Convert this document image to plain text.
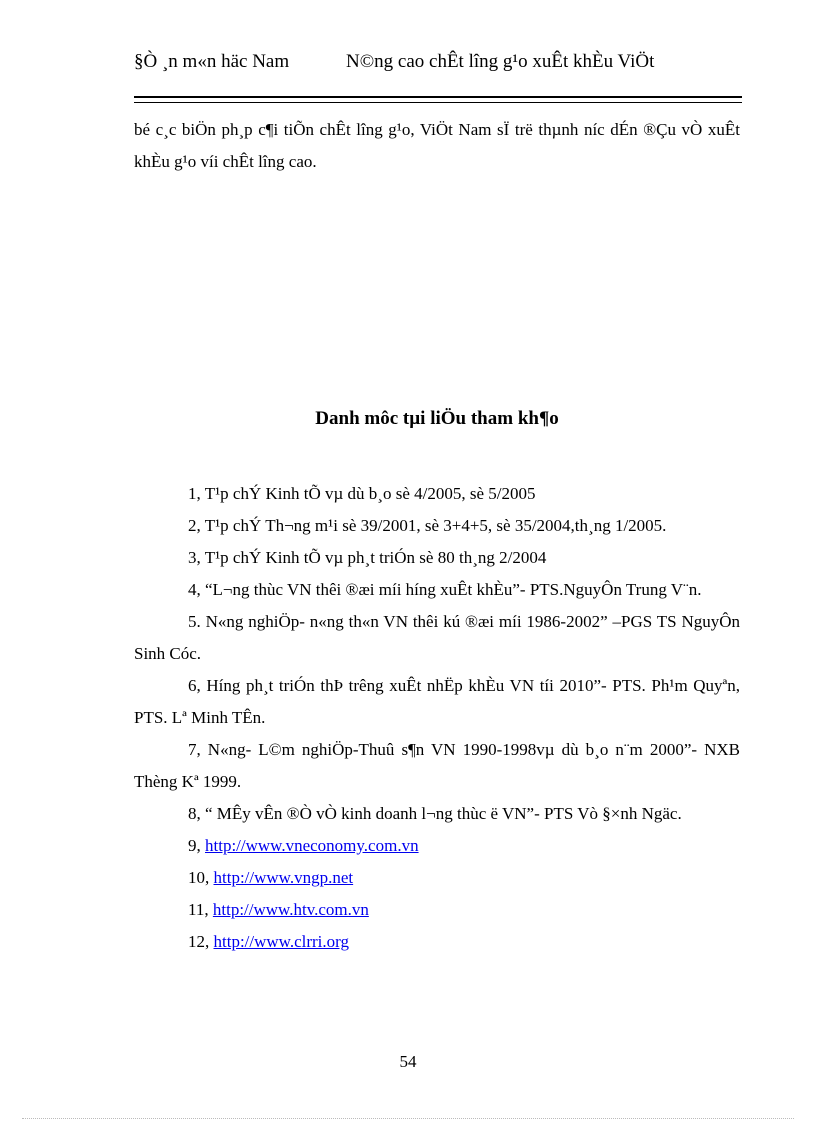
§Ò ¸n m«n häc Nam	N©ng cao chÊt lîng g¹o xuÊt khÈu ViÖt

bé c¸c biÖn ph¸p c¶i tiÕn chÊt lîng g¹o, ViÖt Nam sÏ trë thµnh níc dÉn ®Çu vÒ xuÊt khÈu g¹o víi chÊt lîng cao.

Danh môc tµi liÖu tham kh¶o

1, T¹p chÝ Kinh tÕ vµ dù b¸o sè 4/2005, sè 5/2005

2, T¹p chÝ Th¬ng m¹i sè 39/2001, sè 3+4+5, sè 35/2004,th¸ng 1/2005.

3, T¹p chÝ Kinh tÕ vµ ph¸t triÓn sè 80 th¸ng 2/2004

4, “L¬ng thùc VN thêi ®æi míi híng xuÊt khÈu”- PTS.NguyÔn Trung V¨n.

5. N«ng nghiÖp- n«ng th«n VN thêi kú ®æi míi 1986-2002” –PGS TS NguyÔn Sinh Cóc.

6, Híng ph¸t triÓn thÞ trêng xuÊt nhËp khÈu VN tíi 2010”- PTS. Ph¹m Quyªn, PTS. Lª Minh TÊn.

7, N«ng- L©m nghiÖp-Thuû s¶n VN 1990-1998vµ dù b¸o n¨m 2000”- NXB Thèng Kª 1999.

8, “ MÊy vÊn ®Ò vÒ kinh doanh l¬ng thùc ë VN”- PTS Vò §×nh Ngäc.

9, http://www.vneconomy.com.vn

10, http://www.vngp.net

11, http://www.htv.com.vn

12, http://www.clrri.org

54
